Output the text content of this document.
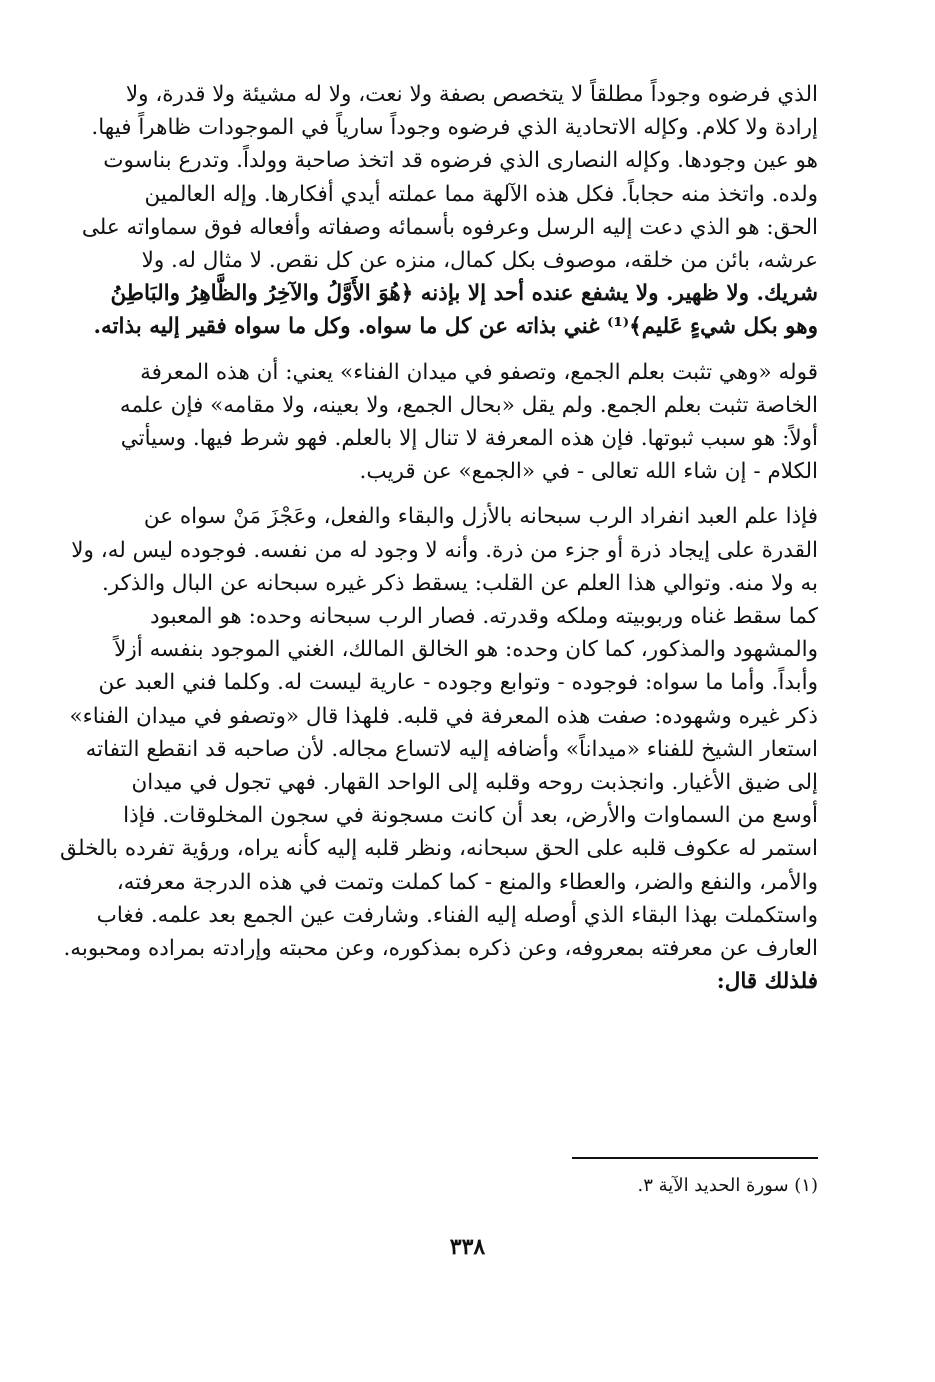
الذي فرضوه وجوداً مطلقاً لا يتخصص بصفة ولا نعت، ولا له مشيئة ولا قدرة، ولا
إرادة ولا كلام. وكإله الاتحادية الذي فرضوه وجوداً سارياً في الموجودات ظاهراً فيها.
هو عين وجودها. وكإله النصارى الذي فرضوه قد اتخذ صاحبة وولداً. وتدرع بناسوت
ولده. واتخذ منه حجاباً. فكل هذه الآلهة مما عملته أيدي أفكارها. وإله العالمين
الحق: هو الذي دعت إليه الرسل وعرفوه بأسمائه وصفاته وأفعاله فوق سماواته على
عرشه، بائن من خلقه، موصوف بكل كمال، منزه عن كل نقص. لا مثال له. ولا
شريك. ولا ظهير. ولا يشفع عنده أحد إلا بإذنه ﴿هُوَ الأَوَّلُ والآخِرُ والظَّاهِرُ والبَاطِنُ
وهو بكل شيءٍ عَليم﴾⁽¹⁾ غني بذاته عن كل ما سواه. وكل ما سواه فقير إليه بذاته.
قوله «وهي تثبت بعلم الجمع، وتصفو في ميدان الفناء» يعني: أن هذه المعرفة
الخاصة تثبت بعلم الجمع. ولم يقل «بحال الجمع، ولا بعينه، ولا مقامه» فإن علمه
أولاً: هو سبب ثبوتها. فإن هذه المعرفة لا تنال إلا بالعلم. فهو شرط فيها. وسيأتي
الكلام - إن شاء الله تعالى - في «الجمع» عن قريب.
فإذا علم العبد انفراد الرب سبحانه بالأزل والبقاء والفعل، وعَجْزَ مَنْ سواه عن
القدرة على إيجاد ذرة أو جزء من ذرة. وأنه لا وجود له من نفسه. فوجوده ليس له، ولا
به ولا منه. وتوالي هذا العلم عن القلب: يسقط ذكر غيره سبحانه عن البال والذكر.
كما سقط غناه وربوبيته وملكه وقدرته. فصار الرب سبحانه وحده: هو المعبود
والمشهود والمذكور، كما كان وحده: هو الخالق المالك، الغني الموجود بنفسه أزلاً
وأبداً. وأما ما سواه: فوجوده - وتوابع وجوده - عارية ليست له. وكلما فني العبد عن
ذكر غيره وشهوده: صفت هذه المعرفة في قلبه. فلهذا قال «وتصفو في ميدان الفناء»
استعار الشيخ للفناء «ميداناً» وأضافه إليه لاتساع مجاله. لأن صاحبه قد انقطع التفاته
إلى ضيق الأغيار. وانجذبت روحه وقلبه إلى الواحد القهار. فهي تجول في ميدان
أوسع من السماوات والأرض، بعد أن كانت مسجونة في سجون المخلوقات. فإذا
استمر له عكوف قلبه على الحق سبحانه، ونظر قلبه إليه كأنه يراه، ورؤية تفرده بالخلق
والأمر، والنفع والضر، والعطاء والمنع - كما كملت وتمت في هذه الدرجة معرفته،
واستكملت بهذا البقاء الذي أوصله إليه الفناء. وشارفت عين الجمع بعد علمه. فغاب
العارف عن معرفته بمعروفه، وعن ذكره بمذكوره، وعن محبته وإرادته بمراده ومحبوبه.
فلذلك قال:
(١) سورة الحديد الآية ٣.
٣٣٨
